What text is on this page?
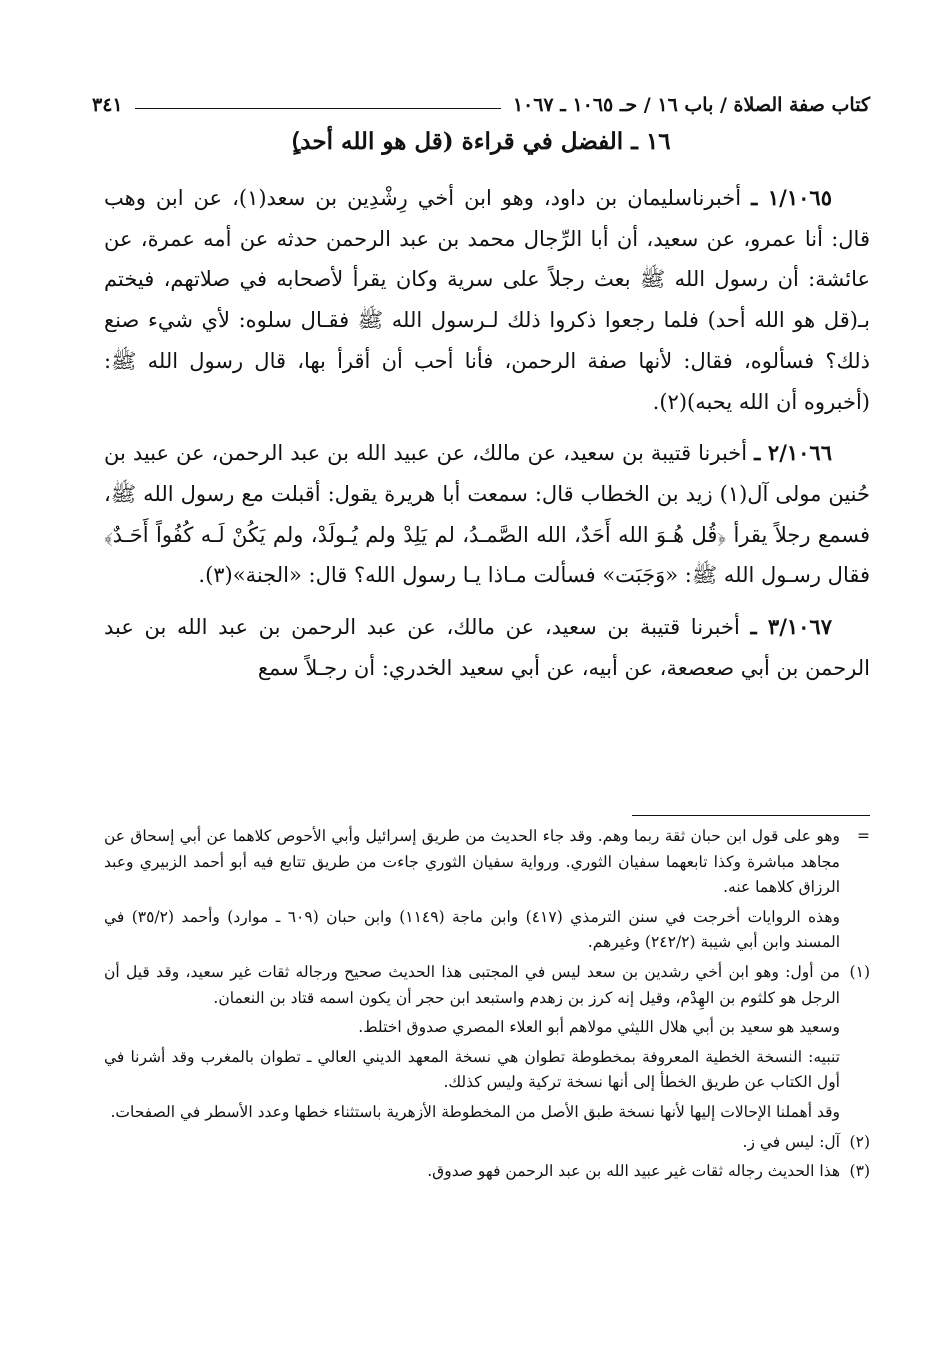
كتاب صفة الصلاة / باب ١٦ / حـ ١٠٦٥ ـ ١٠٦٧
٣٤١
١٦ ـ الفضل في قراءة (قل هو الله أحد)ٍ

١/١٠٦٥ ـ أخبرناسليمان بن داود، وهو ابن أخي رِشْدِين بن سعد(١)، عن ابن وهب قال: أنا عمرو، عن سعيد، أن أبا الرِّجال محمد بن عبد الرحمن حدثه عن أمه عمرة، عن عائشة: أن رسول الله ﷺ بعث رجلاً على سرية وكان يقرأ لأصحابه في صلاتهم، فيختم بـ(قل هو الله أحد) فلما رجعوا ذكروا ذلك لـرسول الله ﷺ فقـال سلوه: لأي شيء صنع ذلك؟ فسألوه، فقال: لأنها صفة الرحمن، فأنا أحب أن أقرأ بها، قال رسول الله ﷺ: (أخبروه أن الله يحبه)(٢).

٢/١٠٦٦ ـ أخبرنا قتيبة بن سعيد، عن مالك، عن عبيد الله بن عبد الرحمن، عن عبيد بن حُنين مولى آل(١) زيد بن الخطاب قال: سمعت أبا هريرة يقول: أقبلت مع رسول الله ﷺ، فسمع رجلاً يقرأ ﴿قُل هُـوَ الله أَحَدٌ، الله الصَّمـدُ، لم يَلِدْ ولم يُـولَدْ، ولم يَكُنْ لَـه كُفُواً أَحَـدٌ﴾ فقال رسـول الله ﷺ: «وَجَبَت» فسألت مـاذا يـا رسول الله؟ قال: «الجنة»(٣).

٣/١٠٦٧ ـ أخبرنا قتيبة بن سعيد، عن مالك، عن عبد الرحمن بن عبد الله بن عبد الرحمن بن أبي صعصعة، عن أبيه، عن أبي سعيد الخدري: أن رجـلاً سمع

=
وهو على قول ابن حبان ثقة ربما وهم. وقد جاء الحديث من طريق إسرائيل وأبي الأحوص كلاهما عن أبي إسحاق عن مجاهد مباشرة وكذا تابعهما سفيان الثوري. ورواية سفيان الثوري جاءت من طريق تتابع فيه أبو أحمد الزبيري وعبد الرزاق كلاهما عنه.
وهذه الروايات أخرجت في سنن الترمذي (٤١٧) وابن ماجة (١١٤٩) وابن حبان (٦٠٩ ـ موارد) وأحمد (٣٥/٢) في المسند وابن أبي شيبة (٢٤٢/٢) وغيرهم.
(١)
من أول: وهو ابن أخي رشدين بن سعد ليس في المجتبى هذا الحديث صحيح ورجاله ثقات غير سعيد، وقد قيل أن الرجل هو كلثوم بن الهِدْم، وقيل إنه كرز بن زهدم واستبعد ابن حجر أن يكون اسمه قتاد بن النعمان.
وسعيد هو سعيد بن أبي هلال الليثي مولاهم أبو العلاء المصري صدوق اختلط.
تنبيه: النسخة الخطية المعروفة بمخطوطة تطوان هي نسخة المعهد الديني العالي ـ تطوان بالمغرب وقد أشرنا في أول الكتاب عن طريق الخطأ إلى أنها نسخة تركية وليس كذلك.
وقد أهملنا الإحالات إليها لأنها نسخة طبق الأصل من المخطوطة الأزهرية باستثناء خطها وعدد الأسطر في الصفحات.
(٢)
آل: ليس في ز.
(٣)
هذا الحديث رجاله ثقات غير عبيد الله بن عبد الرحمن فهو صدوق.
